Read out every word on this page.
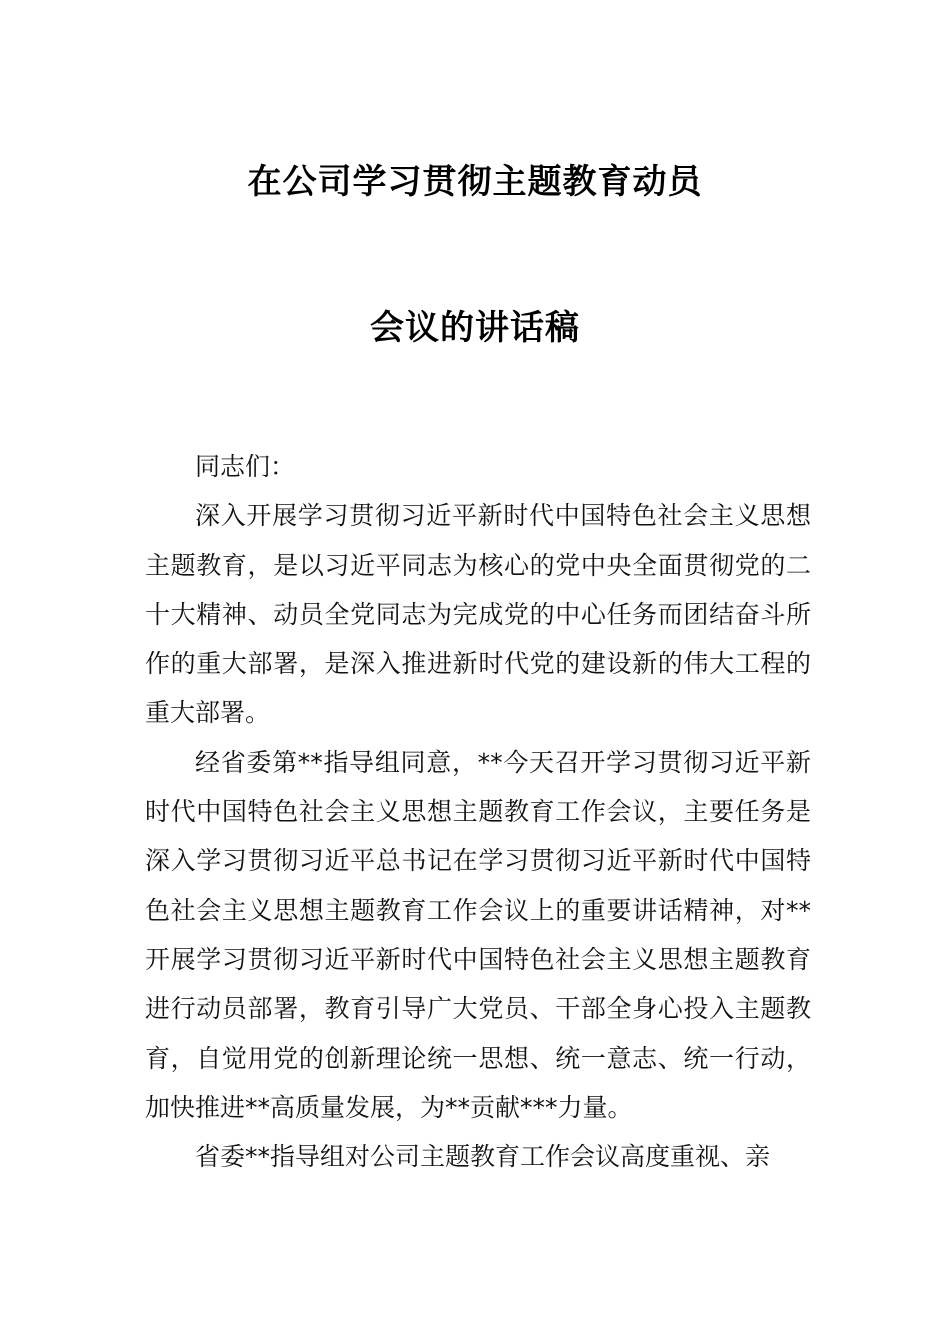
在公司学习贯彻主题教育动员
会议的讲话稿

同志们：

深入开展学习贯彻习近平新时代中国特色社会主义思想主题教育，是以习近平同志为核心的党中央全面贯彻党的二十大精神、动员全党同志为完成党的中心任务而团结奋斗所作的重大部署，是深入推进新时代党的建设新的伟大工程的重大部署。

经省委第**指导组同意，**今天召开学习贯彻习近平新时代中国特色社会主义思想主题教育工作会议，主要任务是深入学习贯彻习近平总书记在学习贯彻习近平新时代中国特色社会主义思想主题教育工作会议上的重要讲话精神，对**开展学习贯彻习近平新时代中国特色社会主义思想主题教育进行动员部署，教育引导广大党员、干部全身心投入主题教育，自觉用党的创新理论统一思想、统一意志、统一行动，加快推进**高质量发展，为**贡献***力量。

省委**指导组对公司主题教育工作会议高度重视、亲
